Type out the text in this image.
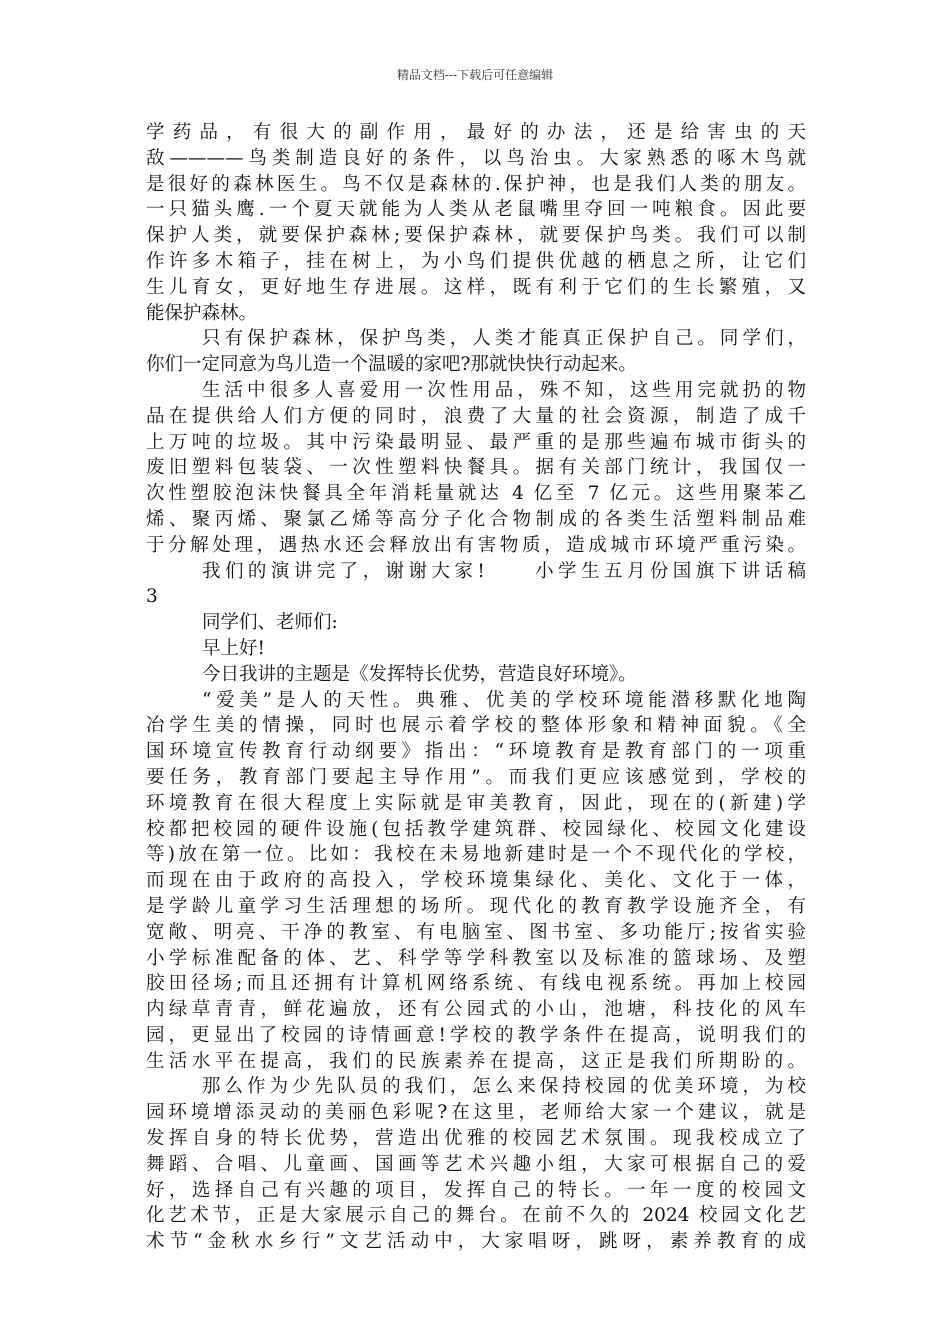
精品文档---下载后可任意编辑
学药品，有很大的副作用，最好的办法，还是给害虫的天
敌————鸟类制造良好的条件，以鸟治虫。大家熟悉的啄木鸟就
是很好的森林医生。鸟不仅是森林的.保护神，也是我们人类的朋友。
一只猫头鹰.一个夏天就能为人类从老鼠嘴里夺回一吨粮食。因此要
保护人类，就要保护森林;要保护森林，就要保护鸟类。我们可以制
作许多木箱子，挂在树上，为小鸟们提供优越的栖息之所，让它们
生儿育女，更好地生存进展。这样，既有利于它们的生长繁殖，又
能保护森林。
只有保护森林，保护鸟类，人类才能真正保护自己。同学们，
你们一定同意为鸟儿造一个温暖的家吧?那就快快行动起来。
生活中很多人喜爱用一次性用品，殊不知，这些用完就扔的物
品在提供给人们方便的同时，浪费了大量的社会资源，制造了成千
上万吨的垃圾。其中污染最明显、最严重的是那些遍布城市街头的
废旧塑料包装袋、一次性塑料快餐具。据有关部门统计，我国仅一
次性塑胶泡沫快餐具全年消耗量就达 4 亿至 7 亿元。这些用聚苯乙
烯、聚丙烯、聚氯乙烯等高分子化合物制成的各类生活塑料制品难
于分解处理，遇热水还会释放出有害物质，造成城市环境严重污染。
我们的演讲完了，谢谢大家!　　小学生五月份国旗下讲话稿
3
同学们、老师们:
早上好!
今日我讲的主题是《发挥特长优势，营造良好环境》。
“爱美”是人的天性。典雅、优美的学校环境能潜移默化地陶
冶学生美的情操，同时也展示着学校的整体形象和精神面貌。《全
国环境宣传教育行动纲要》指出：“环境教育是教育部门的一项重
要任务，教育部门要起主导作用”。而我们更应该感觉到，学校的
环境教育在很大程度上实际就是审美教育，因此，现在的(新建)学
校都把校园的硬件设施(包括教学建筑群、校园绿化、校园文化建设
等)放在第一位。比如：我校在未易地新建时是一个不现代化的学校，
而现在由于政府的高投入，学校环境集绿化、美化、文化于一体，
是学龄儿童学习生活理想的场所。现代化的教育教学设施齐全，有
宽敞、明亮、干净的教室、有电脑室、图书室、多功能厅;按省实验
小学标准配备的体、艺、科学等学科教室以及标准的篮球场、及塑
胶田径场;而且还拥有计算机网络系统、有线电视系统。再加上校园
内绿草青青，鲜花遍放，还有公园式的小山，池塘，科技化的风车
园，更显出了校园的诗情画意!学校的教学条件在提高，说明我们的
生活水平在提高，我们的民族素养在提高，这正是我们所期盼的。
那么作为少先队员的我们，怎么来保持校园的优美环境，为校
园环境增添灵动的美丽色彩呢?在这里，老师给大家一个建议，就是
发挥自身的特长优势，营造出优雅的校园艺术氛围。现我校成立了
舞蹈、合唱、儿童画、国画等艺术兴趣小组，大家可根据自己的爱
好，选择自己有兴趣的项目，发挥自己的特长。一年一度的校园文
化艺术节，正是大家展示自己的舞台。在前不久的 2024 校园文化艺
术节“金秋水乡行”文艺活动中，大家唱呀，跳呀，素养教育的成
